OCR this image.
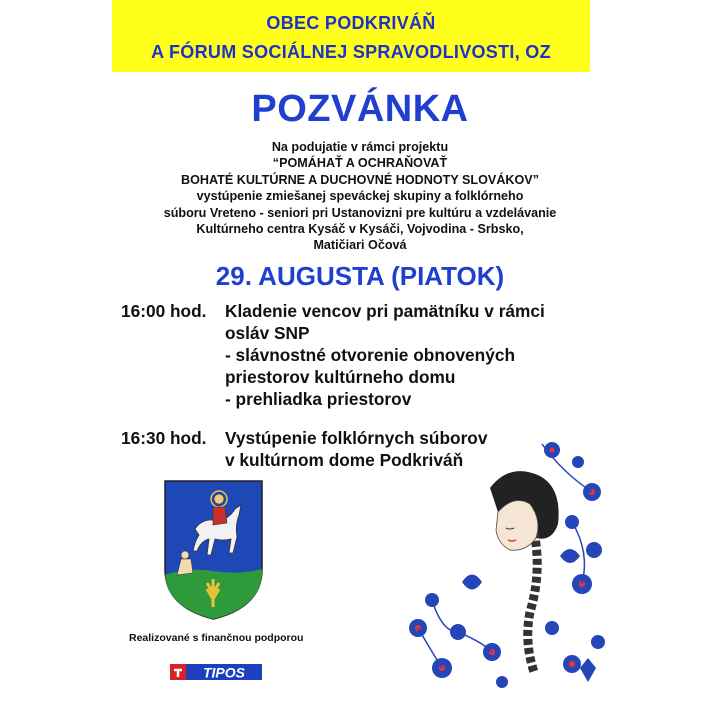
OBEC PODKRIVÁŇ
A FÓRUM SOCIÁLNEJ SPRAVODLIVOSTI, OZ
POZVÁNKA
Na podujatie v rámci projektu
“POMÁHAŤ A OCHRAŇOVAŤ
BOHATÉ KULTÚRNE A DUCHOVNÉ HODNOTY SLOVÁKOV”
vystúpenie zmiešanej speváckej skupiny a folklórneho
súboru Vreteno - seniori pri Ustanovizni pre kultúru a vzdelávanie
Kultúrneho centra Kysáč v Kysáči, Vojvodina - Srbsko,
Matičiari Očová
29. AUGUSTA (PIATOK)
16:00 hod. Kladenie vencov pri pamätníku v rámci
osláv SNP
- slávnostné otvorenie obnovených
priestorov kultúrneho domu
- prehliadka priestorov
16:30 hod. Vystúpenie folklórnych súborov
v kultúrnom dome Podkriváň
Realizované s finančnou podporou
TIPOS
